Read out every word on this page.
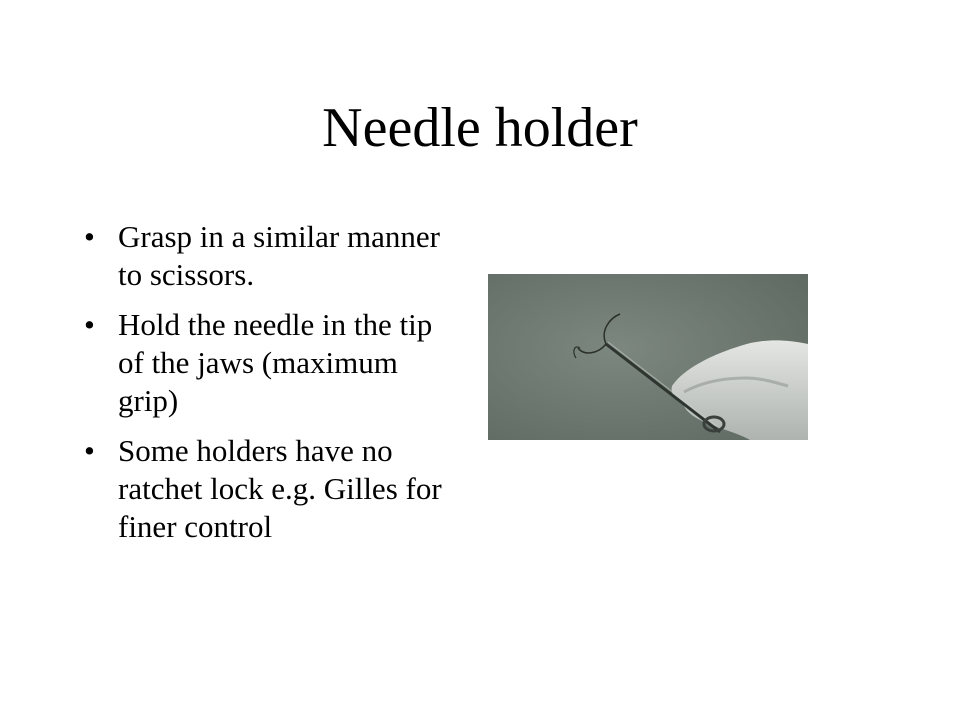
Needle holder
• Grasp in a similar manner to scissors.
• Hold the needle in the tip of the jaws (maximum grip)
• Some holders have no ratchet lock e.g. Gilles for finer control
